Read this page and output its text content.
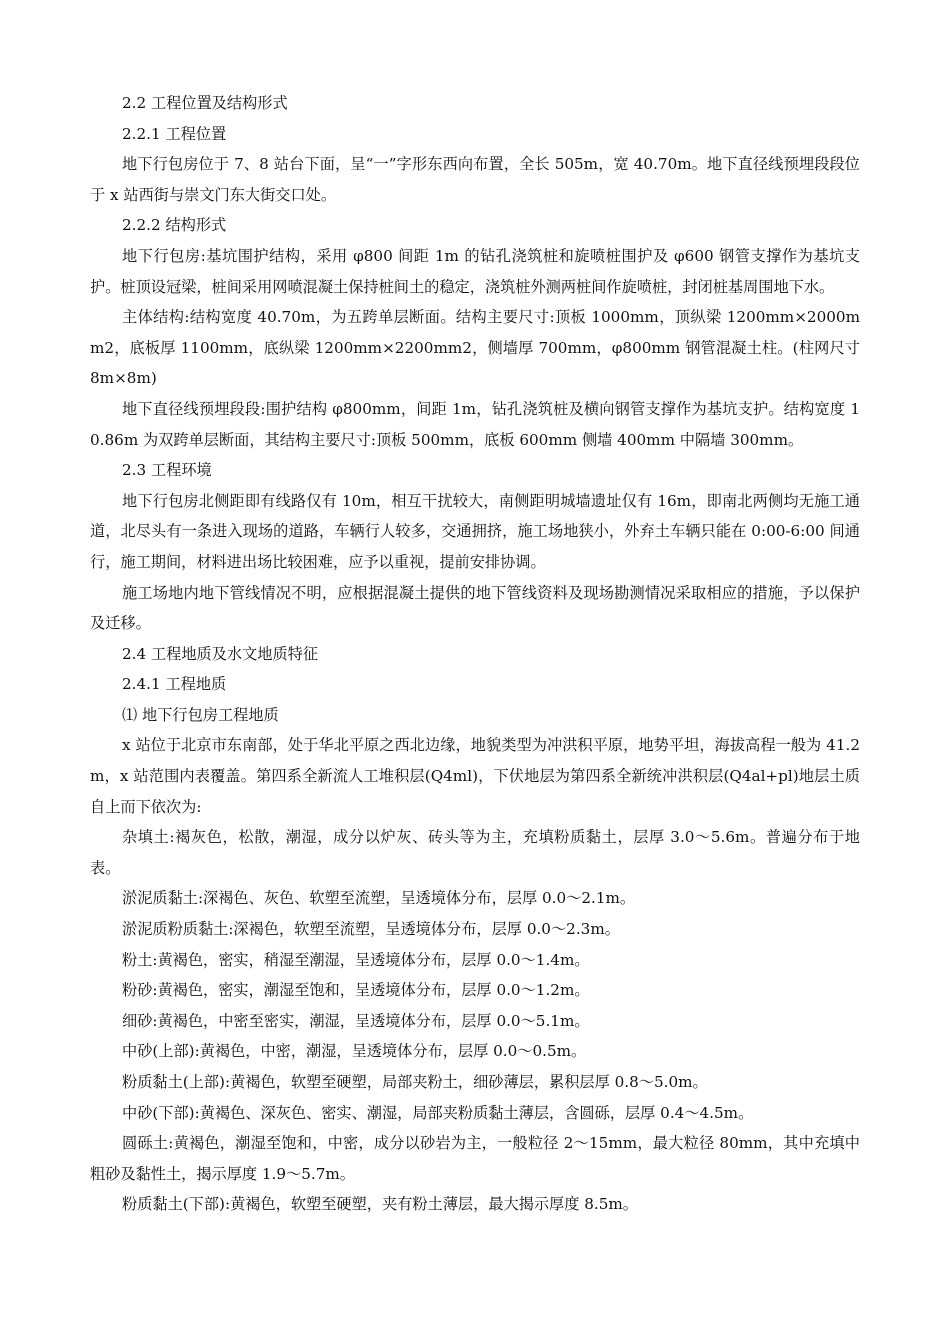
2.2 工程位置及结构形式

2.2.1 工程位置

地下行包房位于 7、8 站台下面，呈“一”字形东西向布置，全长 505m，宽 40.70m。地下直径线预埋段段位于 x 站西街与崇文门东大街交口处。

2.2.2 结构形式

地下行包房:基坑围护结构，采用 φ800 间距 1m 的钻孔浇筑桩和旋喷桩围护及 φ600 钢管支撑作为基坑支护。桩顶设冠梁，桩间采用网喷混凝土保持桩间土的稳定，浇筑桩外测两桩间作旋喷桩，封闭桩基周围地下水。

主体结构:结构宽度 40.70m，为五跨单层断面。结构主要尺寸:顶板 1000mm，顶纵梁 1200mm×2000mm2，底板厚 1100mm，底纵梁 1200mm×2200mm2，侧墙厚 700mm，φ800mm 钢管混凝土柱。(柱网尺寸 8m×8m)

地下直径线预埋段段:围护结构 φ800mm，间距 1m，钻孔浇筑桩及横向钢管支撑作为基坑支护。结构宽度 10.86m 为双跨单层断面，其结构主要尺寸:顶板 500mm，底板 600mm 侧墙 400mm 中隔墙 300mm。

2.3 工程环境

地下行包房北侧距即有线路仅有 10m，相互干扰较大，南侧距明城墙遗址仅有 16m，即南北两侧均无施工通道，北尽头有一条进入现场的道路，车辆行人较多，交通拥挤，施工场地狭小，外弃土车辆只能在 0:00-6:00 间通行，施工期间，材料进出场比较困难，应予以重视，提前安排协调。

施工场地内地下管线情况不明，应根据混凝土提供的地下管线资料及现场勘测情况采取相应的措施，予以保护及迁移。

2.4 工程地质及水文地质特征

2.4.1 工程地质

⑴ 地下行包房工程地质

x 站位于北京市东南部，处于华北平原之西北边缘，地貌类型为冲洪积平原，地势平坦，海拔高程一般为 41.2m，x 站范围内表覆盖。第四系全新流人工堆积层(Q4ml)，下伏地层为第四系全新统冲洪积层(Q4al+pl)地层土质自上而下依次为:

杂填土:褐灰色，松散，潮湿，成分以炉灰、砖头等为主，充填粉质黏土，层厚 3.0～5.6m。普遍分布于地表。

淤泥质黏土:深褐色、灰色、软塑至流塑，呈透境体分布，层厚 0.0～2.1m。

淤泥质粉质黏土:深褐色，软塑至流塑，呈透境体分布，层厚 0.0～2.3m。

粉土:黄褐色，密实，稍湿至潮湿，呈透境体分布，层厚 0.0～1.4m。

粉砂:黄褐色，密实，潮湿至饱和，呈透境体分布，层厚 0.0～1.2m。

细砂:黄褐色，中密至密实，潮湿，呈透境体分布，层厚 0.0～5.1m。

中砂(上部):黄褐色，中密，潮湿，呈透境体分布，层厚 0.0～0.5m。

粉质黏土(上部):黄褐色，软塑至硬塑，局部夹粉土，细砂薄层，累积层厚 0.8～5.0m。

中砂(下部):黄褐色、深灰色、密实、潮湿，局部夹粉质黏土薄层，含圆砾，层厚 0.4～4.5m。

圆砾土:黄褐色，潮湿至饱和，中密，成分以砂岩为主，一般粒径 2～15mm，最大粒径 80mm，其中充填中粗砂及黏性土，揭示厚度 1.9～5.7m。

粉质黏土(下部):黄褐色，软塑至硬塑，夹有粉土薄层，最大揭示厚度 8.5m。
